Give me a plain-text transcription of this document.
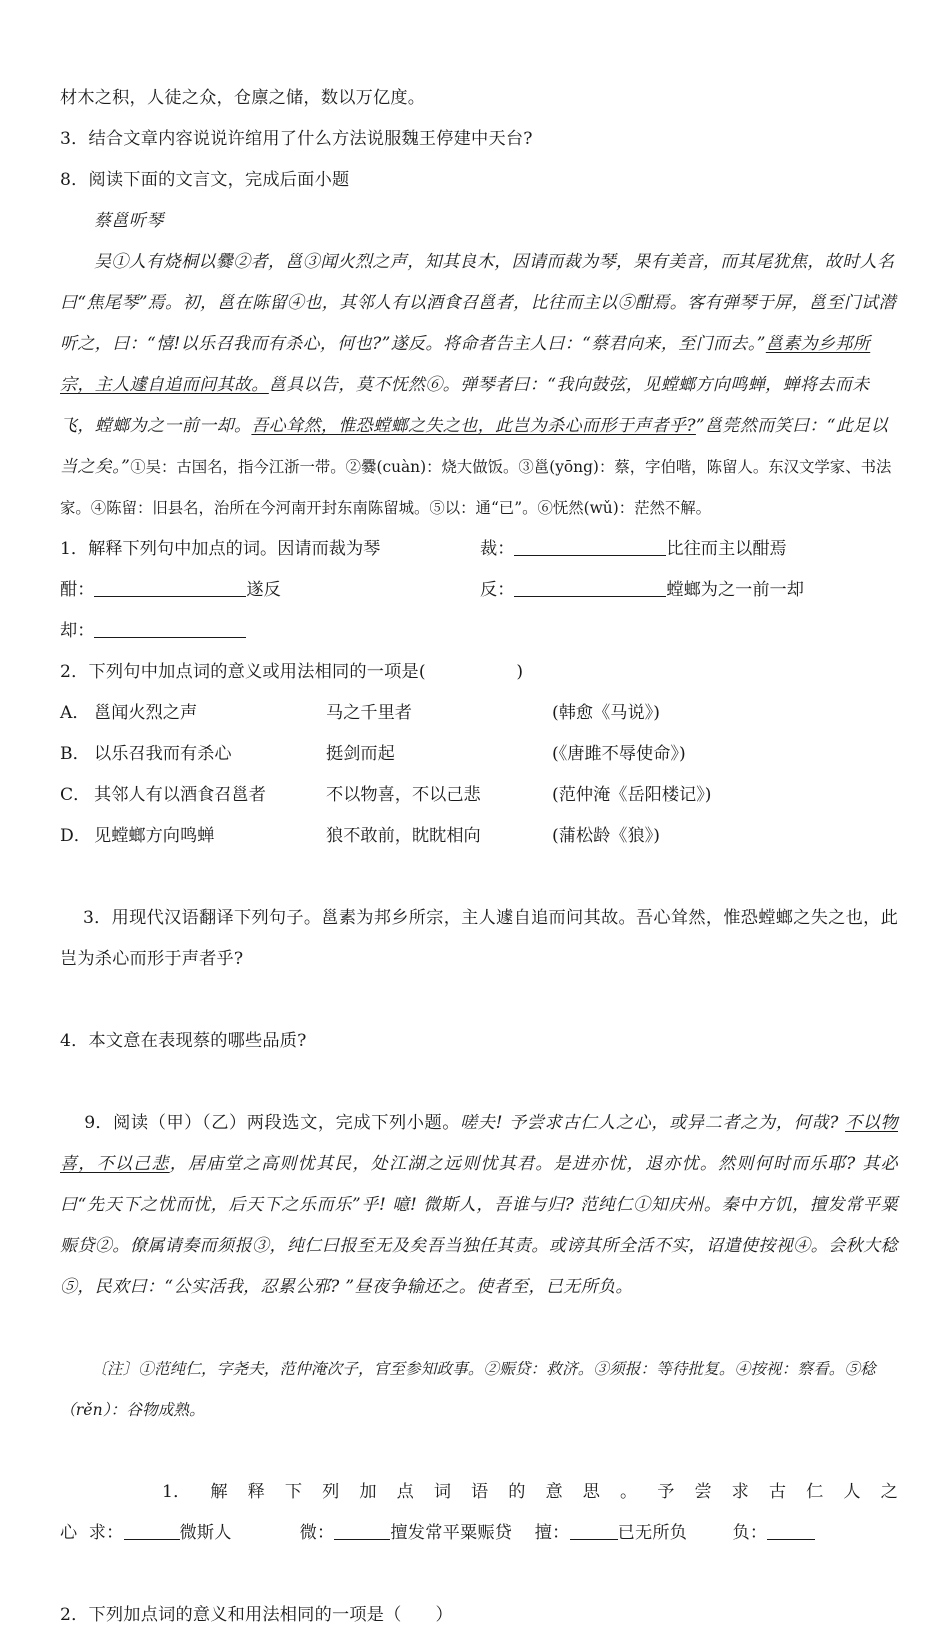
材木之积，人徒之众，仓廪之储，数以万亿度。
3． 结合文章内容说说许绾用了什么方法说服魏王停建中天台?
8． 阅读下面的文言文，完成后面小题
蔡邕听琴
吴①人有烧桐以爨②者，邕③闻火烈之声，知其良木，因请而裁为琴，果有美音，而其尾犹焦，故时人名曰“焦尾琴”焉。初，邕在陈留④也，其邻人有以酒食召邕者，比往而主以⑤酣焉。客有弹琴于屏，邕至门试潜听之，曰：“憘!以乐召我而有杀心，何也?”遂反。将命者告主人曰：“蔡君向来，至门而去。”邕素为乡邦所宗，主人遽自追而问其故。邕具以告，莫不怃然⑥。弹琴者曰：“我向鼓弦，见螳螂方向鸣蝉，蝉将去而未飞，螳螂为之一前一却。吾心耸然，惟恐螳螂之失之也，此岂为杀心而形于声者乎?”邕莞然而笑曰：“此足以当之矣。”①吴：古国名，指今江浙一带。②爨(cuàn)：烧大做饭。③邕(yōng)：蔡，字伯喈，陈留人。东汉文学家、书法家。④陈留：旧县名，治所在今河南开封东南陈留城。⑤以：通“已”。⑥怃然(wǔ)：茫然不解。
1．解释下列句中加点的词。因请而裁为琴	裁：	比往而主以酣焉
酣：	遂反	反：	螳螂为之一前一却
却：
2． 下列句中加点词的意义或用法相同的一项是(                )
A． 邕闻火烈之声	马之千里者	(韩愈《马说》)
B． 以乐召我而有杀心	挺剑而起	(《唐雎不辱使命》)
C． 其邻人有以酒食召邕者	不以物喜，不以己悲	(范仲淹《岳阳楼记》)
D． 见螳螂方向鸣蝉	狼不敢前，眈眈相向	(蒲松龄《狼》)

3．用现代汉语翻译下列句子。邕素为邦乡所宗，主人遽自追而问其故。吾心耸然，惟恐螳螂之失之也，此岂为杀心而形于声者乎?

4． 本文意在表现蔡的哪些品质?

9．阅读（甲）（乙）两段选文，完成下列小题。嗟夫! 予尝求古仁人之心，或异二者之为，何哉? 不以物喜，不以己悲，居庙堂之高则忧其民，处江湖之远则忧其君。是进亦忧，退亦忧。然则何时而乐耶? 其必曰“先天下之忧而忧，后天下之乐而乐”乎! 噫! 微斯人，吾谁与归? 范纯仁①知庆州。秦中方饥，擅发常平粟赈贷②。僚属请奏而须报③，纯仁曰报至无及矣吾当独任其责。或谤其所全活不实，诏遣使按视④。会秋大稔⑤，民欢曰：“公实活我，忍累公邪? ”昼夜争输还之。使者至，已无所负。

〔注〕①范纯仁，字尧夫，范仲淹次子，官至参知政事。②赈贷：救济。③须报：等待批复。④按视：察看。⑤稔（rěn）：谷物成熟。

1．解释下列加点词语的意思。予尝求古仁人之心 求：	微斯人	微：	擅发常平粟赈贷 擅：	已无所负	负：

2． 下列加点词的意义和用法相同的一项是（      ）
